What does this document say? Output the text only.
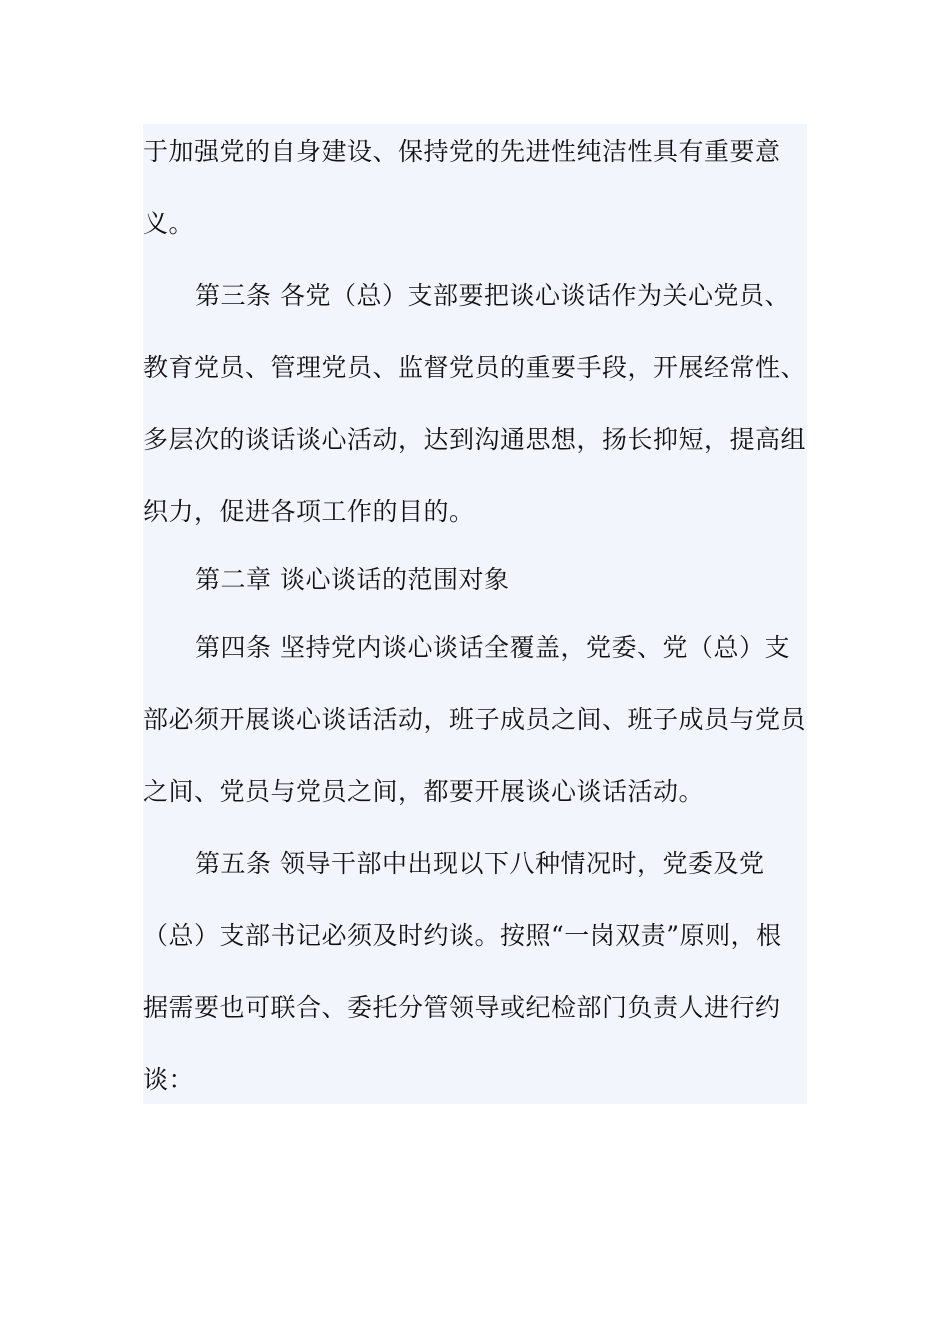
于加强党的自身建设、保持党的先进性纯洁性具有重要意义。

第三条 各党（总）支部要把谈心谈话作为关心党员、教育党员、管理党员、监督党员的重要手段，开展经常性、多层次的谈话谈心活动，达到沟通思想，扬长抑短，提高组织力，促进各项工作的目的。

第二章 谈心谈话的范围对象

第四条 坚持党内谈心谈话全覆盖，党委、党（总）支部必须开展谈心谈话活动，班子成员之间、班子成员与党员之间、党员与党员之间，都要开展谈心谈话活动。

第五条 领导干部中出现以下八种情况时，党委及党（总）支部书记必须及时约谈。按照“一岗双责”原则，根据需要也可联合、委托分管领导或纪检部门负责人进行约谈：
